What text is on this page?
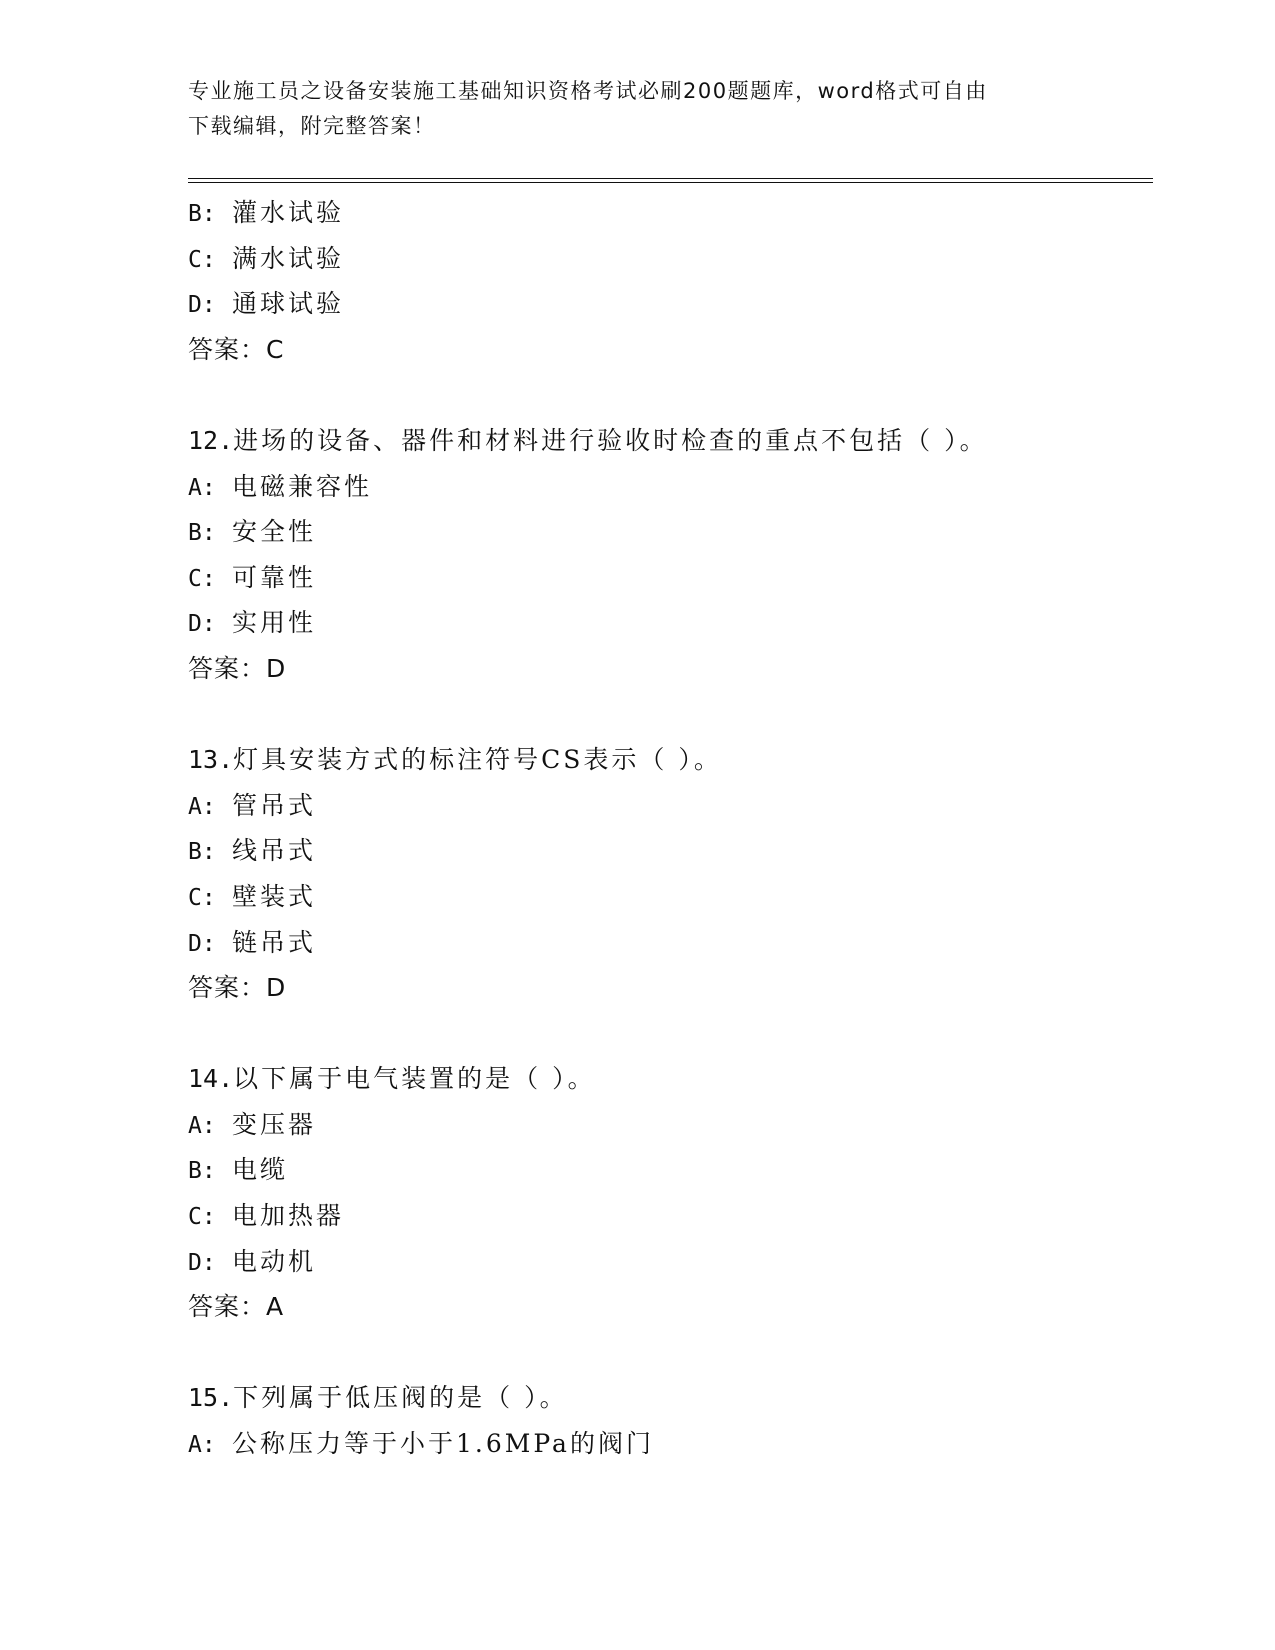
专业施工员之设备安装施工基础知识资格考试必刷200题题库，word格式可自由
下载编辑，附完整答案！
B: 灌水试验
C: 满水试验
D: 通球试验
答案：C
12.进场的设备、器件和材料进行验收时检查的重点不包括（ ）。
A: 电磁兼容性
B: 安全性
C: 可靠性
D: 实用性
答案：D
13.灯具安装方式的标注符号CS表示（ ）。
A: 管吊式
B: 线吊式
C: 壁装式
D: 链吊式
答案：D
14.以下属于电气装置的是（ ）。
A: 变压器
B: 电缆
C: 电加热器
D: 电动机
答案：A
15.下列属于低压阀的是（ ）。
A: 公称压力等于小于1.6MPa的阀门
